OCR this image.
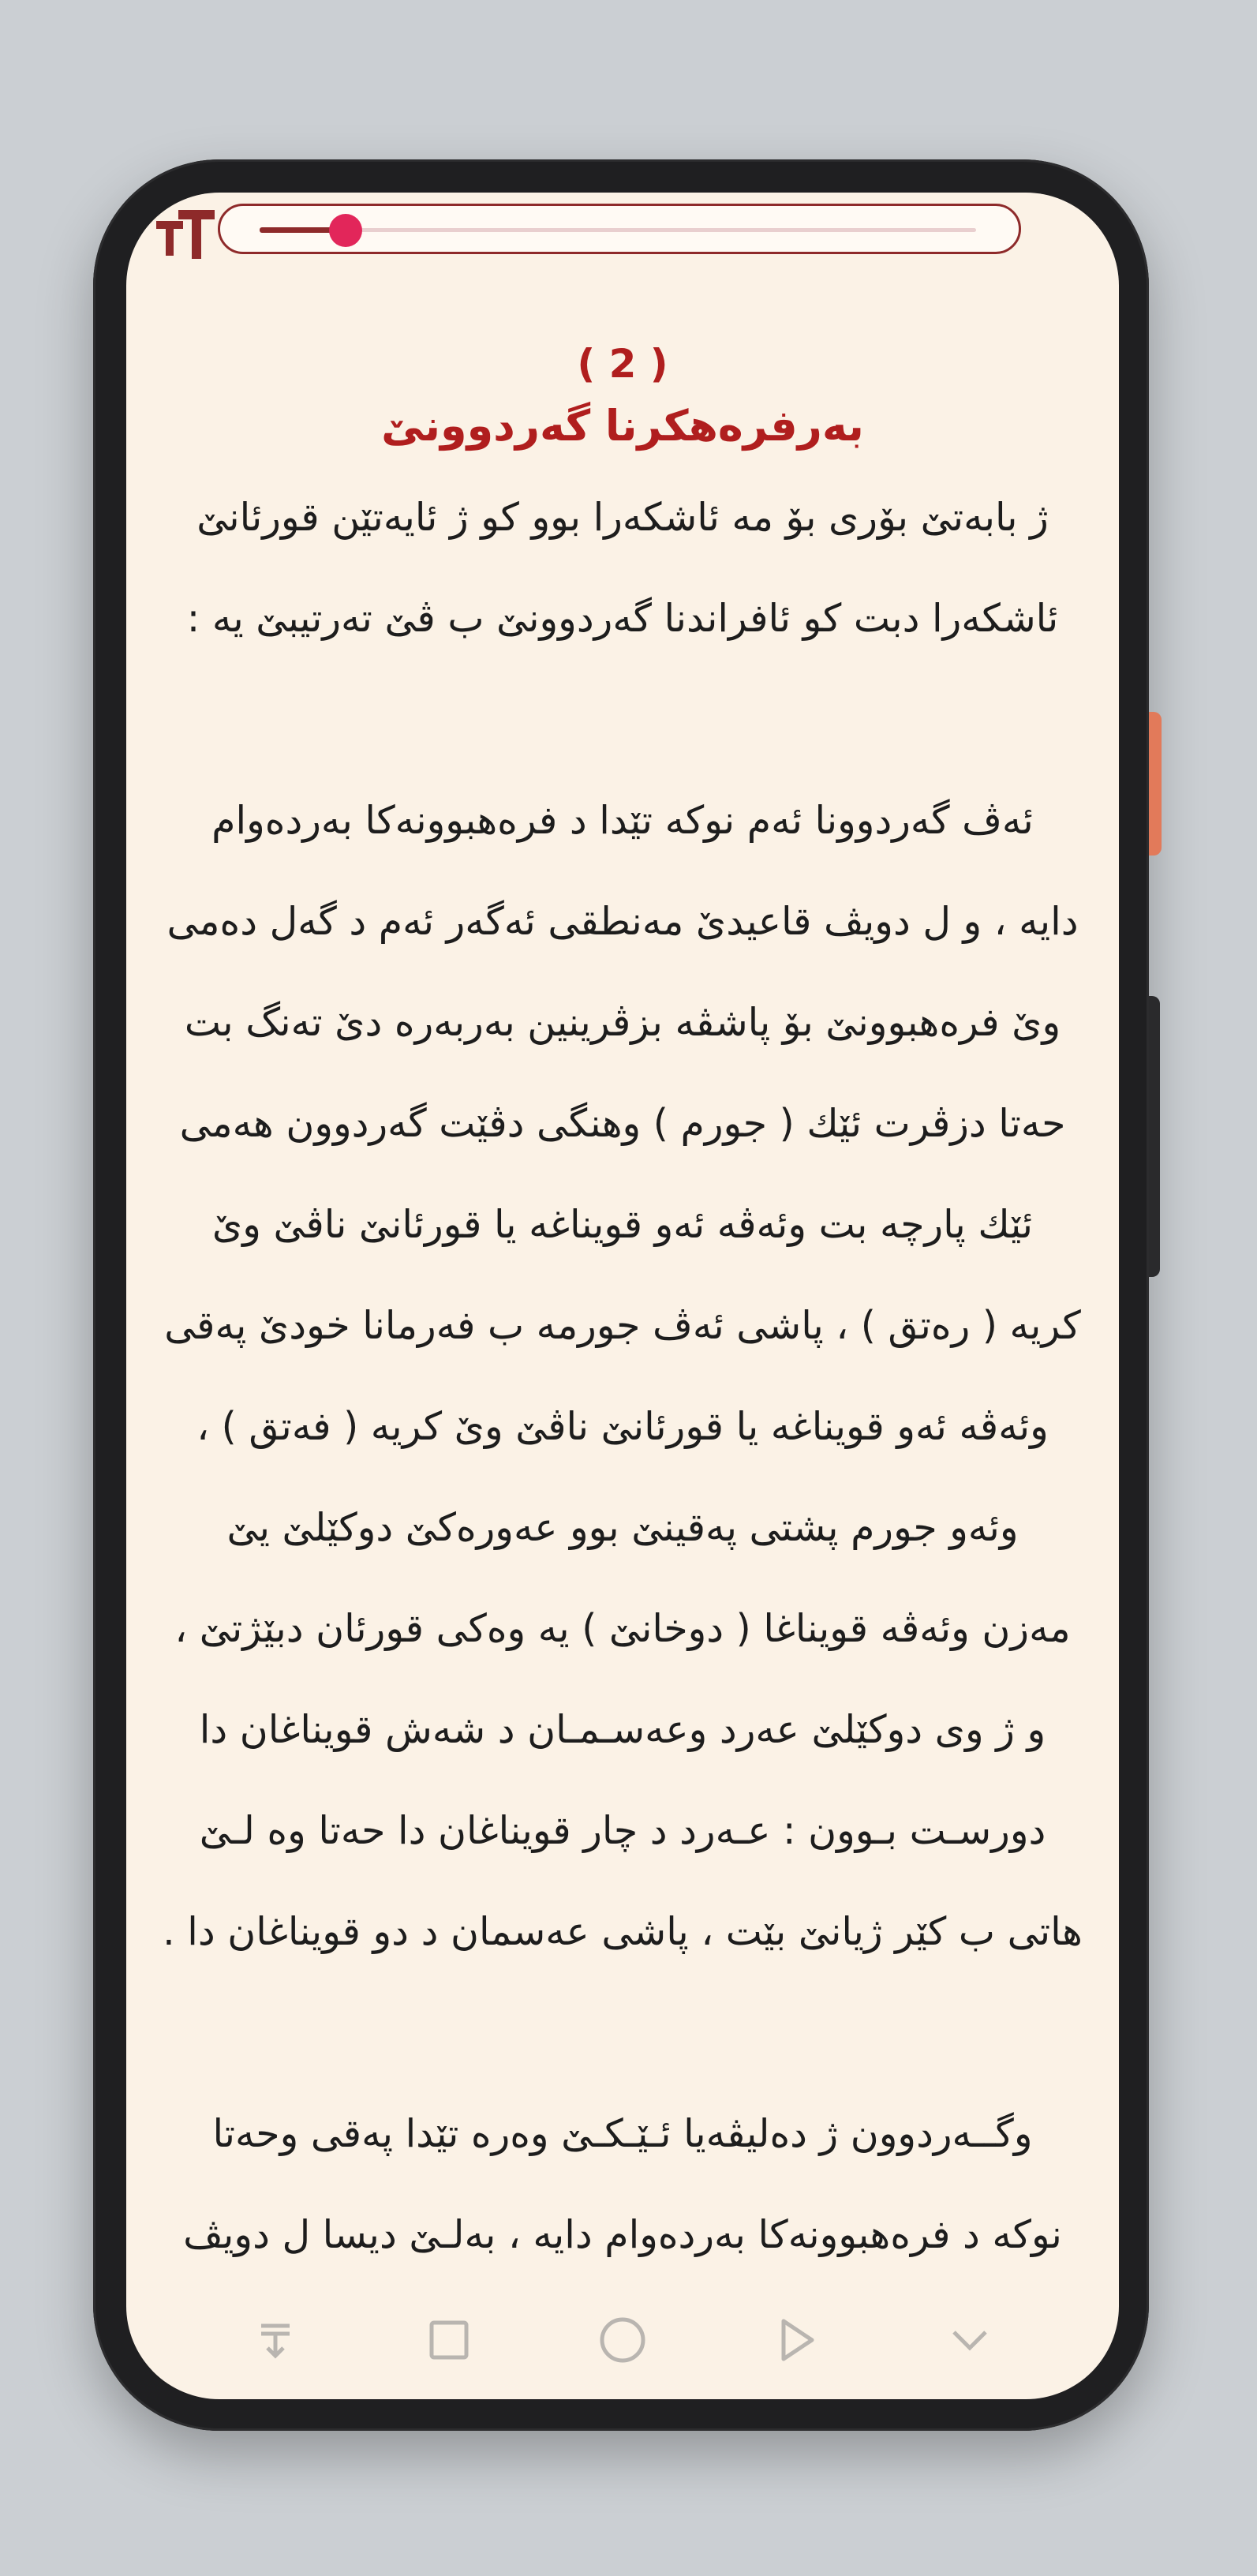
( 2 )
بەرفرەهكرنا گەردوونێ

ژ بابەتێ بۆری بۆ مە ئاشكەرا بوو كو ژ ئایەتێن قورئانێ

ئاشكەرا دبت كو ئافراندنا گەردوونێ ب ڤێ تەرتیبێ یە :

ئەڤ گەردوونا ئەم نوكە تێدا د فرەهبوونەكا بەردەوام

دایە ، و ل دویڤ قاعیدێ مەنطقی ئەگەر ئەم د گەل دەمی

وێ فرەهبوونێ بۆ پاشڤە بزڤرینین بەربەرە دێ تەنگ بت

حەتا دزڤرت ئێك ( جورم ) وهنگی دڤێت گەردوون هەمی

ئێك پارچە بت وئەڤە ئەو قویناغە یا قورئانێ ناڤێ وێ

كریە ( رەتق ) ، پاشی ئەڤ جورمە ب فەرمانا خودێ پەقی

وئەڤە ئەو قویناغە یا قورئانێ ناڤێ وێ كریە ( فەتق ) ،

وئەو جورم پشتی پەقینێ بوو عەورەكێ دوكێلێ یێ

مەزن وئەڤە قویناغا ( دوخانێ ) یە وەكی قورئان دبێژتێ ،

و ژ وی دوكێلێ عەرد وعەسـمـان د شەش قویناغان دا

دورسـت بـوون : عـەرد د چار قویناغان دا حەتا وە لـێ

هاتی ب كێر ژیانێ بێت ، پاشی عەسمان د دو قویناغان دا .

وگــەردوون ژ دەلیڤەیا ئـێـكـێ وەرە تێدا پەقی وحەتا

نوكە د فرەهبوونەكا بەردەوام دایە ، بەلـێ دیسا ل دویڤ
